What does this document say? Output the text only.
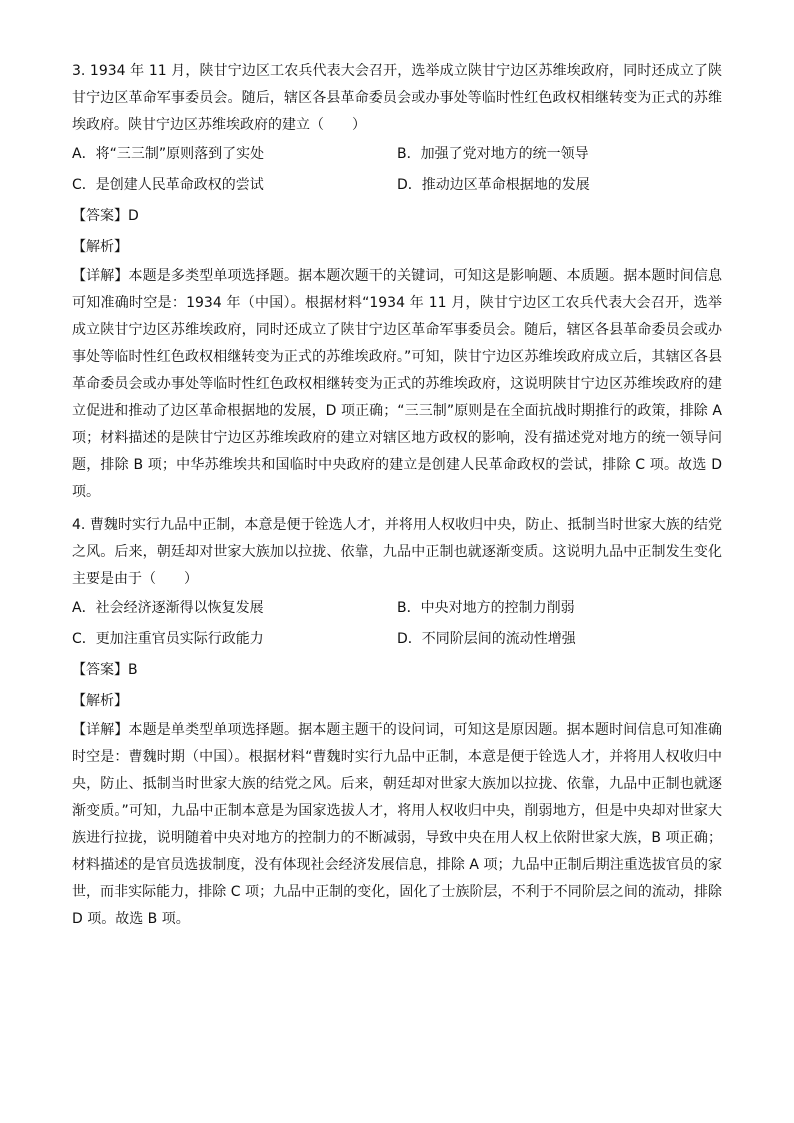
3. 1934 年 11 月，陕甘宁边区工农兵代表大会召开，选举成立陕甘宁边区苏维埃政府，同时还成立了陕甘宁边区革命军事委员会。随后，辖区各县革命委员会或办事处等临时性红色政权相继转变为正式的苏维埃政府。陕甘宁边区苏维埃政府的建立（　　）

A．将“三三制”原则落到了实处	B．加强了党对地方的统一领导
C．是创建人民革命政权的尝试	D．推动边区革命根据地的发展

【答案】D

【解析】

【详解】本题是多类型单项选择题。据本题次题干的关键词，可知这是影响题、本质题。据本题时间信息可知准确时空是：1934 年（中国）。根据材料“1934 年 11 月，陕甘宁边区工农兵代表大会召开，选举成立陕甘宁边区苏维埃政府，同时还成立了陕甘宁边区革命军事委员会。随后，辖区各县革命委员会或办事处等临时性红色政权相继转变为正式的苏维埃政府。”可知，陕甘宁边区苏维埃政府成立后，其辖区各县革命委员会或办事处等临时性红色政权相继转变为正式的苏维埃政府，这说明陕甘宁边区苏维埃政府的建立促进和推动了边区革命根据地的发展，D 项正确；“三三制”原则是在全面抗战时期推行的政策，排除 A 项；材料描述的是陕甘宁边区苏维埃政府的建立对辖区地方政权的影响，没有描述党对地方的统一领导问题，排除 B 项；中华苏维埃共和国临时中央政府的建立是创建人民革命政权的尝试，排除 C 项。故选 D 项。

4. 曹魏时实行九品中正制，本意是便于铨选人才，并将用人权收归中央，防止、抵制当时世家大族的结党之风。后来，朝廷却对世家大族加以拉拢、依靠，九品中正制也就逐渐变质。这说明九品中正制发生变化主要是由于（　　）

A．社会经济逐渐得以恢复发展	B．中央对地方的控制力削弱
C．更加注重官员实际行政能力	D．不同阶层间的流动性增强

【答案】B

【解析】

【详解】本题是单类型单项选择题。据本题主题干的设问词，可知这是原因题。据本题时间信息可知准确时空是：曹魏时期（中国）。根据材料“曹魏时实行九品中正制，本意是便于铨选人才，并将用人权收归中央，防止、抵制当时世家大族的结党之风。后来，朝廷却对世家大族加以拉拢、依靠，九品中正制也就逐渐变质。”可知，九品中正制本意是为国家选拔人才，将用人权收归中央，削弱地方，但是中央却对世家大族进行拉拢，说明随着中央对地方的控制力的不断减弱，导致中央在用人权上依附世家大族，B 项正确；材料描述的是官员选拔制度，没有体现社会经济发展信息，排除 A 项；九品中正制后期注重选拔官员的家世，而非实际能力，排除 C 项；九品中正制的变化，固化了士族阶层，不利于不同阶层之间的流动，排除 D 项。故选 B 项。
